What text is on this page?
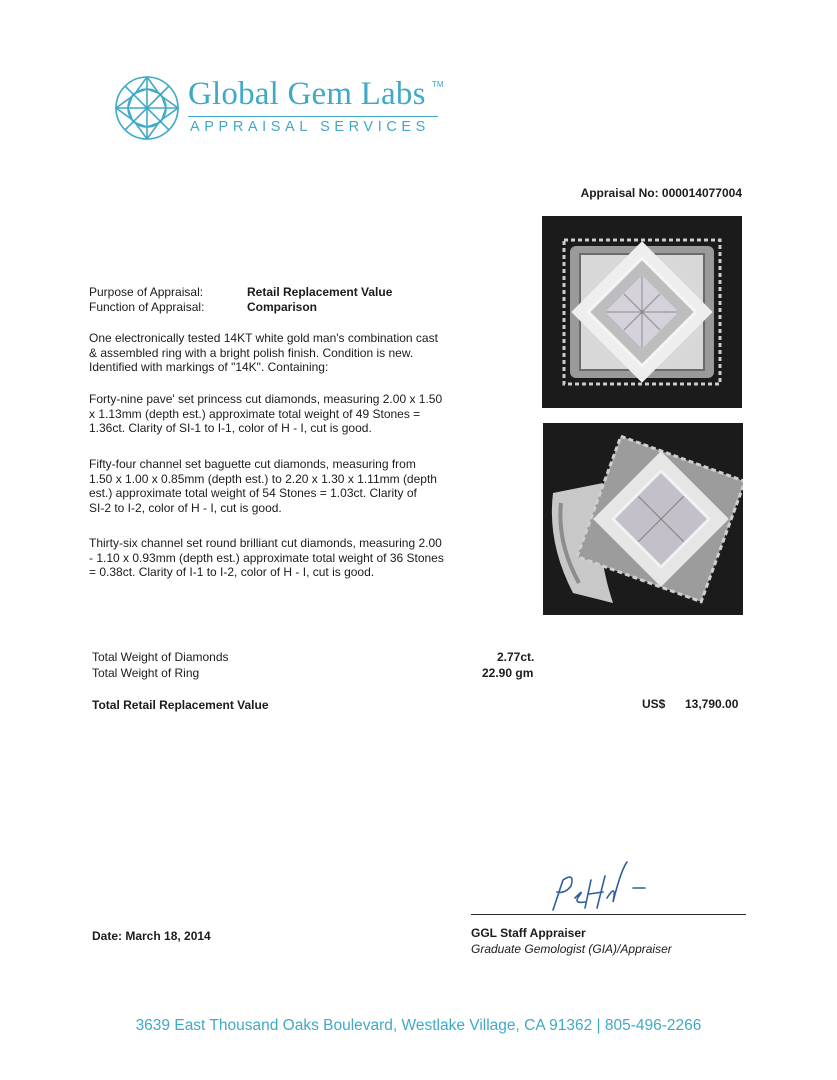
Global Gem Labs TM
APPRAISAL SERVICES
Appraisal No: 000014077004
Purpose of Appraisal:	Retail Replacement Value
Function of Appraisal:	Comparison
One electronically tested 14KT white gold man's combination cast
& assembled ring with a bright polish finish. Condition is new.
Identified with markings of "14K". Containing:
Forty-nine pave' set princess cut diamonds, measuring 2.00 x 1.50
x 1.13mm (depth est.) approximate total weight of 49 Stones =
1.36ct. Clarity of SI-1 to I-1, color of H - I, cut is good.
Fifty-four channel set baguette cut diamonds, measuring from
1.50 x 1.00 x 0.85mm (depth est.) to 2.20 x 1.30 x 1.11mm (depth
est.) approximate total weight of 54 Stones = 1.03ct. Clarity of
SI-2 to I-2, color of H - I, cut is good.
Thirty-six channel set round brilliant cut diamonds, measuring 2.00
- 1.10 x 0.93mm (depth est.) approximate total weight of 36 Stones
= 0.38ct. Clarity of I-1 to I-2, color of H - I, cut is good.
Total Weight of Diamonds	2.77ct.
Total Weight of Ring	22.90 gm
Total Retail Replacement Value	US$ 13,790.00
Date: March 18, 2014	GGL Staff Appraiser
Graduate Gemologist (GIA)/Appraiser
3639 East Thousand Oaks Boulevard, Westlake Village, CA 91362 | 805-496-2266
